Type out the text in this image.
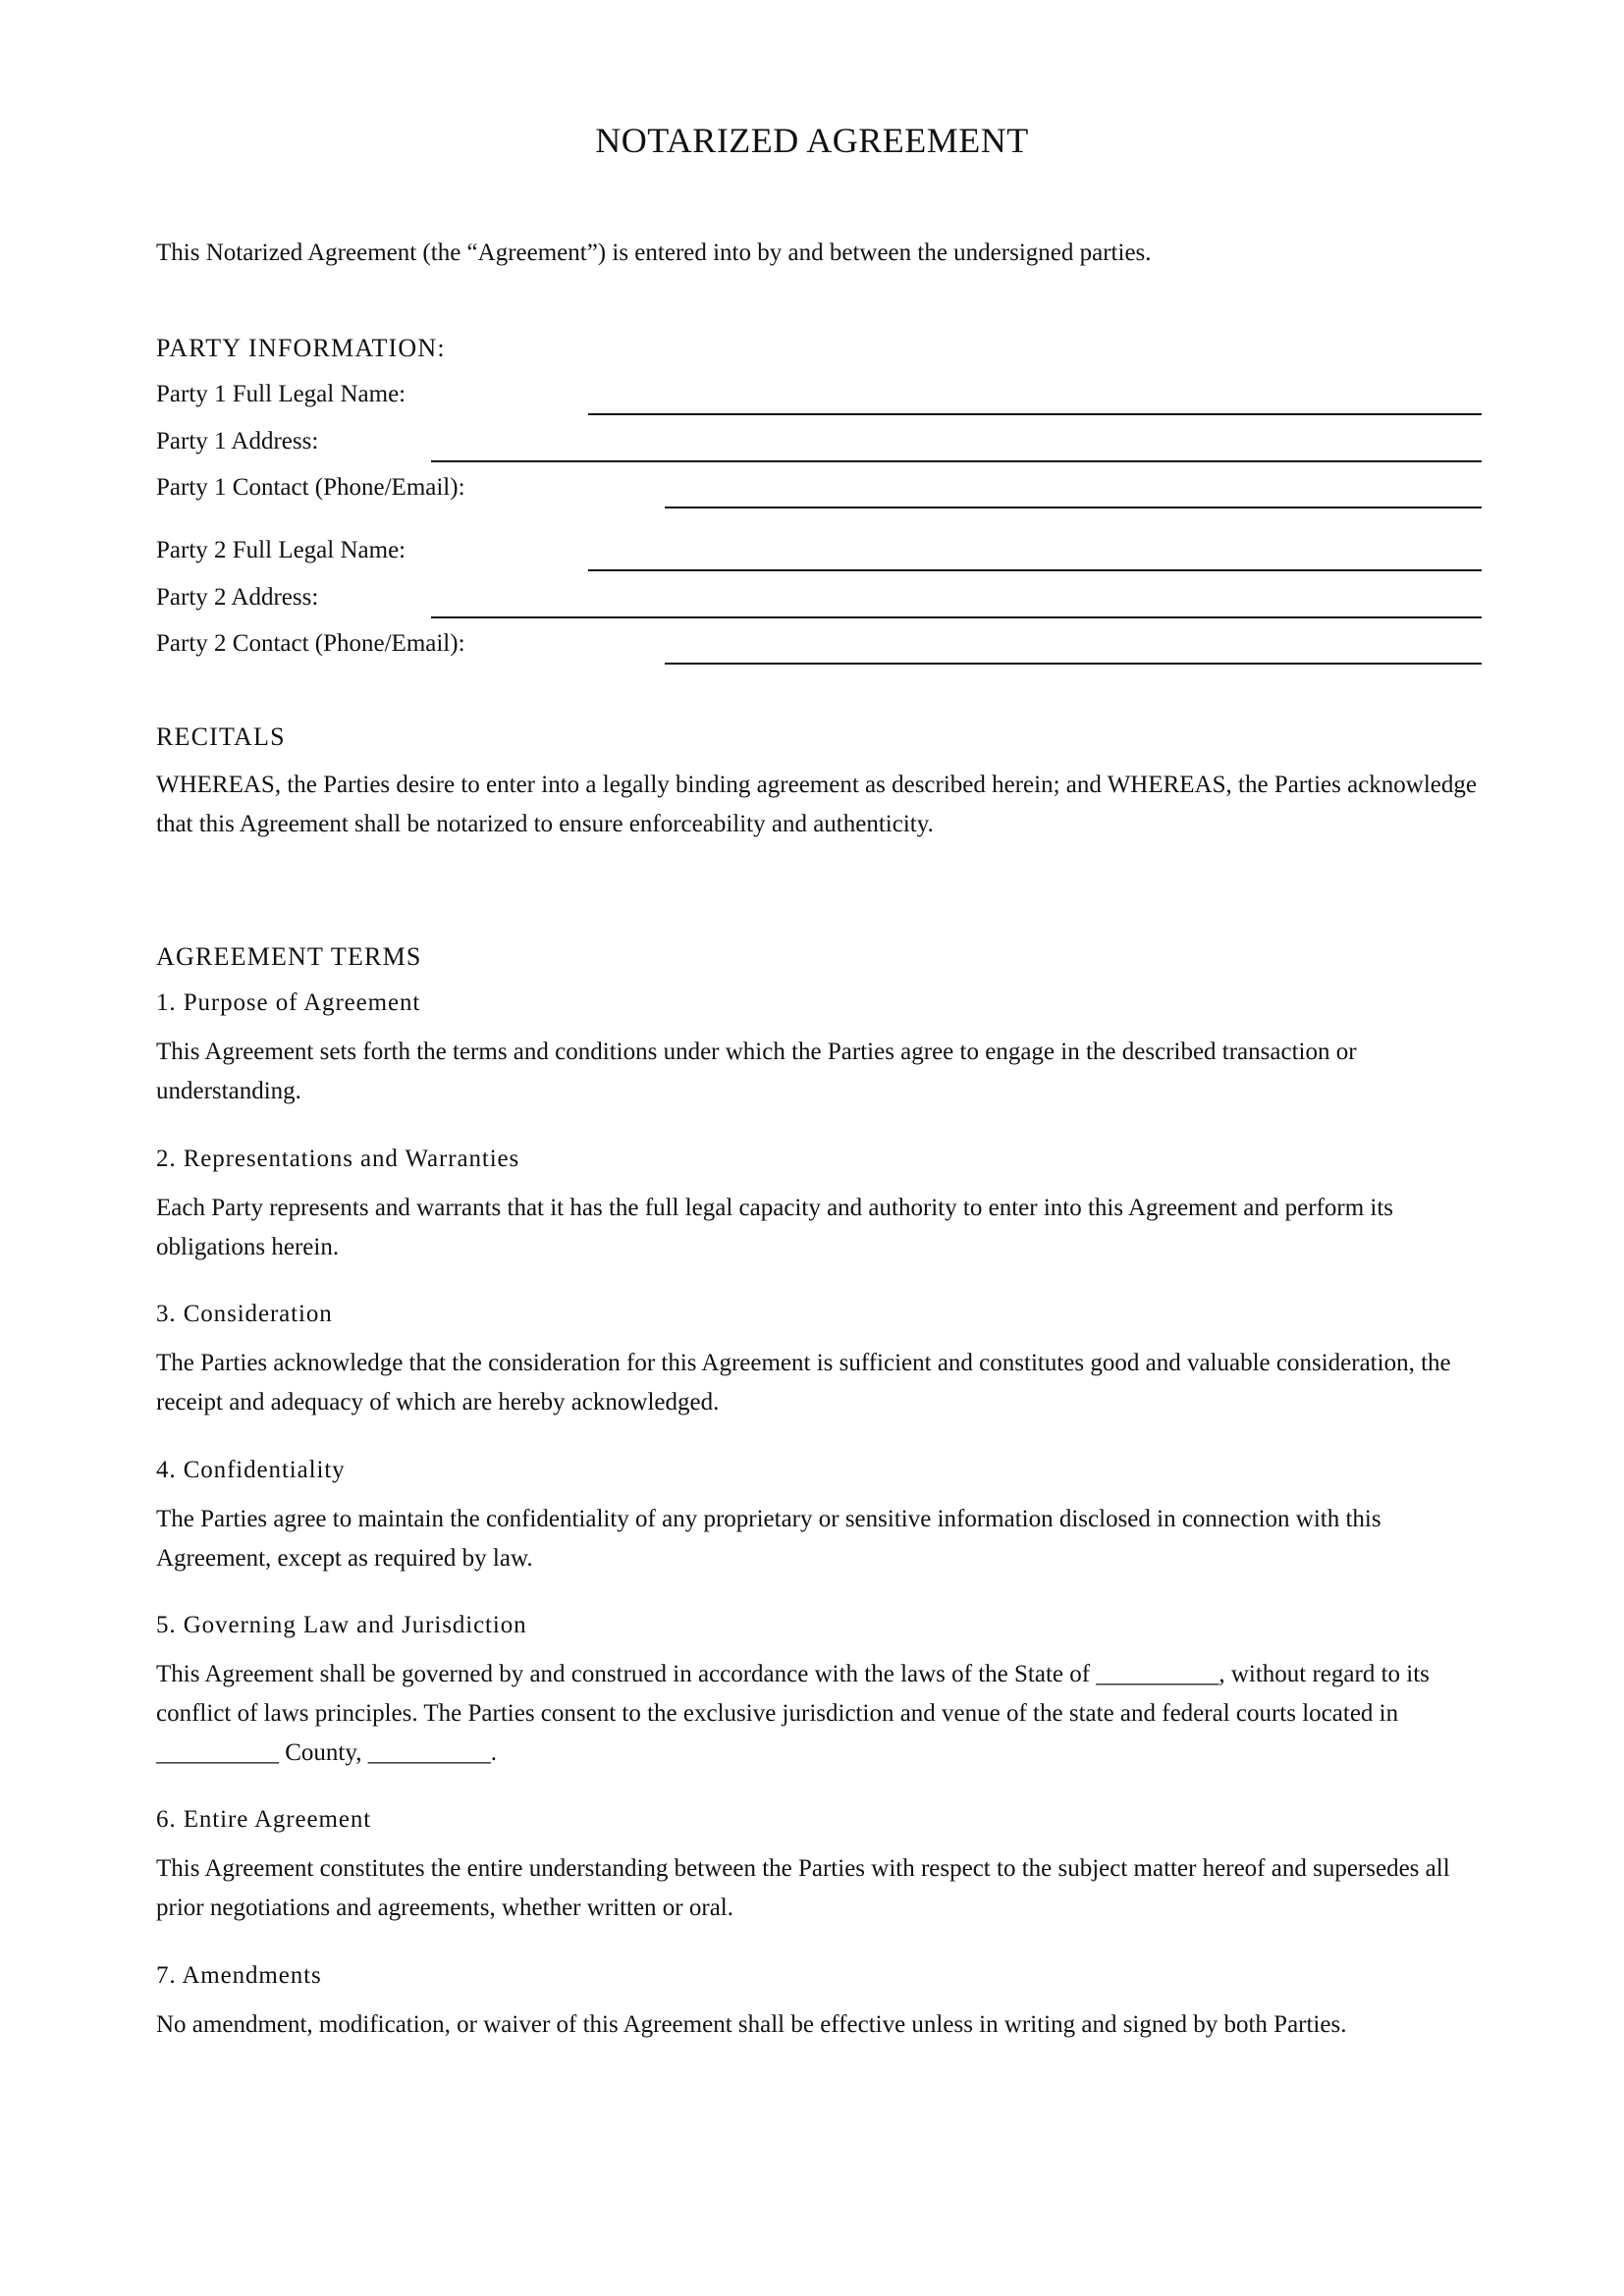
NOTARIZED AGREEMENT
This Notarized Agreement (the “Agreement”) is entered into by and between the undersigned parties.
PARTY INFORMATION:
Party 1 Full Legal Name:
Party 1 Address:
Party 1 Contact (Phone/Email):
Party 2 Full Legal Name:
Party 2 Address:
Party 2 Contact (Phone/Email):
RECITALS
WHEREAS, the Parties desire to enter into a legally binding agreement as described herein; and WHEREAS, the Parties acknowledge that this Agreement shall be notarized to ensure enforceability and authenticity.
AGREEMENT TERMS
1. Purpose of Agreement
This Agreement sets forth the terms and conditions under which the Parties agree to engage in the described transaction or understanding.
2. Representations and Warranties
Each Party represents and warrants that it has the full legal capacity and authority to enter into this Agreement and perform its obligations herein.
3. Consideration
The Parties acknowledge that the consideration for this Agreement is sufficient and constitutes good and valuable consideration, the receipt and adequacy of which are hereby acknowledged.
4. Confidentiality
The Parties agree to maintain the confidentiality of any proprietary or sensitive information disclosed in connection with this Agreement, except as required by law.
5. Governing Law and Jurisdiction
This Agreement shall be governed by and construed in accordance with the laws of the State of __________, without regard to its conflict of laws principles. The Parties consent to the exclusive jurisdiction and venue of the state and federal courts located in __________ County, __________.
6. Entire Agreement
This Agreement constitutes the entire understanding between the Parties with respect to the subject matter hereof and supersedes all prior negotiations and agreements, whether written or oral.
7. Amendments
No amendment, modification, or waiver of this Agreement shall be effective unless in writing and signed by both Parties.
